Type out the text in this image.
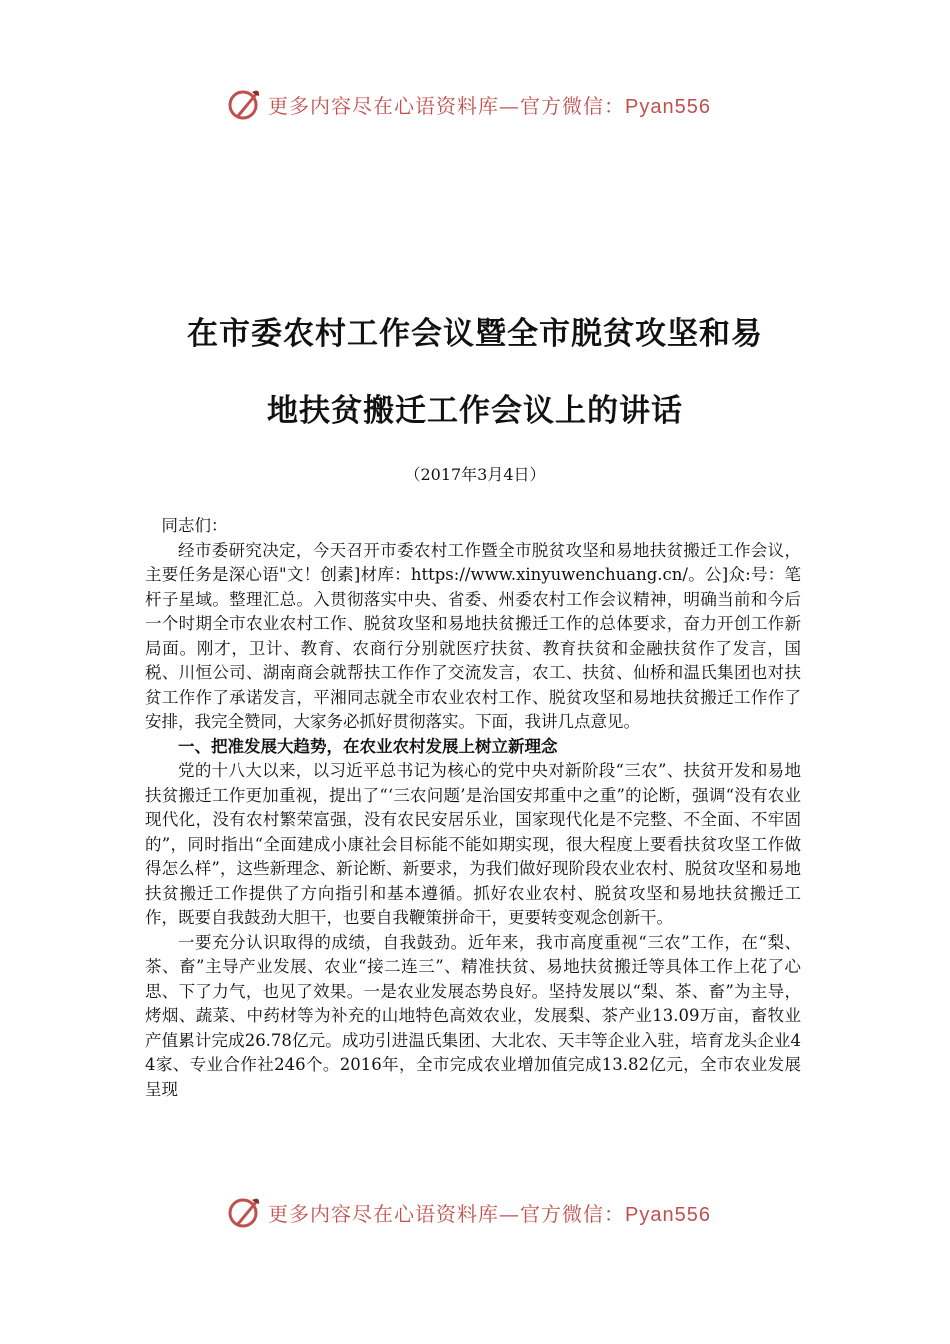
更多内容尽在心语资料库—官方微信：Pyan556
在市委农村工作会议暨全市脱贫攻坚和易
地扶贫搬迁工作会议上的讲话
（2017年3月4日）

同志们：

经市委研究决定，今天召开市委农村工作暨全市脱贫攻坚和易地扶贫搬迁工作会议，主要任务是深心语"文！创素]材库：https://www.xinyuwenchuang.cn/。公]众:号：笔杆子星域。整理汇总。入贯彻落实中央、省委、州委农村工作会议精神，明确当前和今后一个时期全市农业农村工作、脱贫攻坚和易地扶贫搬迁工作的总体要求，奋力开创工作新局面。刚才，卫计、教育、农商行分别就医疗扶贫、教育扶贫和金融扶贫作了发言，国税、川恒公司、湖南商会就帮扶工作作了交流发言，农工、扶贫、仙桥和温氏集团也对扶贫工作作了承诺发言，平湘同志就全市农业农村工作、脱贫攻坚和易地扶贫搬迁工作作了安排，我完全赞同，大家务必抓好贯彻落实。下面，我讲几点意见。

一、把准发展大趋势，在农业农村发展上树立新理念

党的十八大以来，以习近平总书记为核心的党中央对新阶段“三农”、扶贫开发和易地扶贫搬迁工作更加重视，提出了“‘三农问题’是治国安邦重中之重”的论断，强调“没有农业现代化，没有农村繁荣富强，没有农民安居乐业，国家现代化是不完整、不全面、不牢固的”，同时指出“全面建成小康社会目标能不能如期实现，很大程度上要看扶贫攻坚工作做得怎么样”，这些新理念、新论断、新要求，为我们做好现阶段农业农村、脱贫攻坚和易地扶贫搬迁工作提供了方向指引和基本遵循。抓好农业农村、脱贫攻坚和易地扶贫搬迁工作，既要自我鼓劲大胆干，也要自我鞭策拼命干，更要转变观念创新干。

一要充分认识取得的成绩，自我鼓劲。近年来，我市高度重视“三农”工作，在“梨、茶、畜”主导产业发展、农业“接二连三”、精准扶贫、易地扶贫搬迁等具体工作上花了心思、下了力气，也见了效果。一是农业发展态势良好。坚持发展以“梨、茶、畜”为主导，烤烟、蔬菜、中药材等为补充的山地特色高效农业，发展梨、茶产业13.09万亩，畜牧业产值累计完成26.78亿元。成功引进温氏集团、大北农、天丰等企业入驻，培育龙头企业44家、专业合作社246个。2016年，全市完成农业增加值完成13.82亿元，全市农业发展呈现

更多内容尽在心语资料库—官方微信：Pyan556
